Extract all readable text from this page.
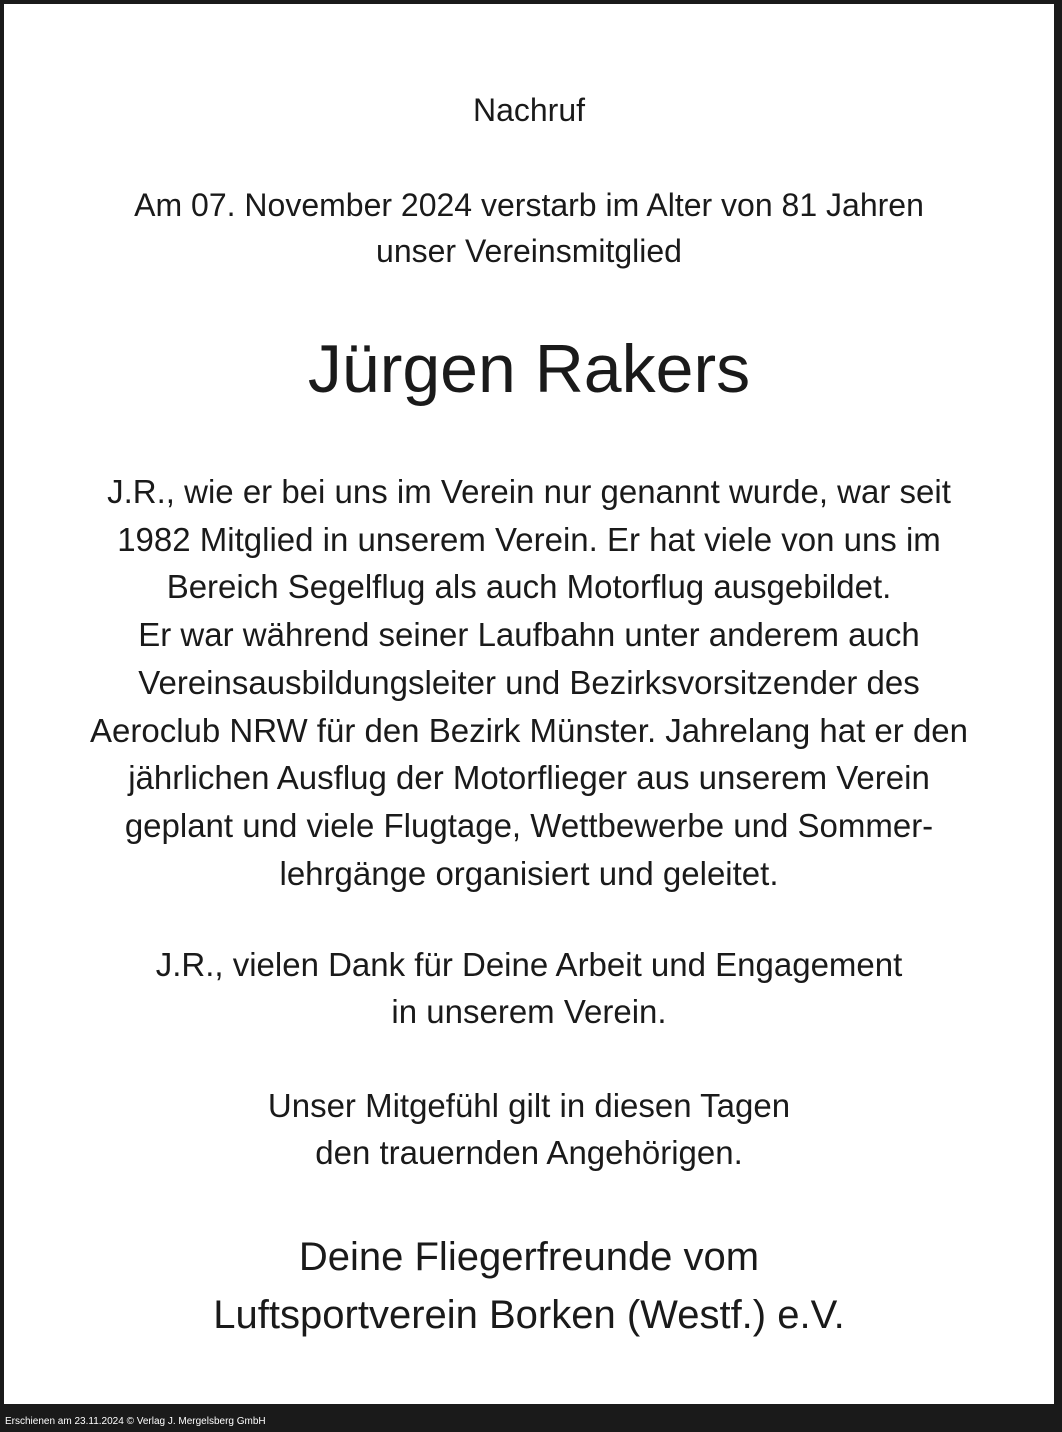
Nachruf
Am 07. November 2024 verstarb im Alter von 81 Jahren
unser Vereinsmitglied
Jürgen Rakers
J.R., wie er bei uns im Verein nur genannt wurde, war seit
1982 Mitglied in unserem Verein. Er hat viele von uns im
Bereich Segelflug als auch Motorflug ausgebildet.
Er war während seiner Laufbahn unter anderem auch
Vereinsausbildungsleiter und Bezirksvorsitzender des
Aeroclub NRW für den Bezirk Münster. Jahrelang hat er den
jährlichen Ausflug der Motorflieger aus unserem Verein
geplant und viele Flugtage, Wettbewerbe und Sommer-
lehrgänge organisiert und geleitet.
J.R., vielen Dank für Deine Arbeit und Engagement
in unserem Verein.
Unser Mitgefühl gilt in diesen Tagen
den trauernden Angehörigen.
Deine Fliegerfreunde vom
Luftsportverein Borken (Westf.) e.V.
Erschienen am 23.11.2024 © Verlag J. Mergelsberg GmbH
